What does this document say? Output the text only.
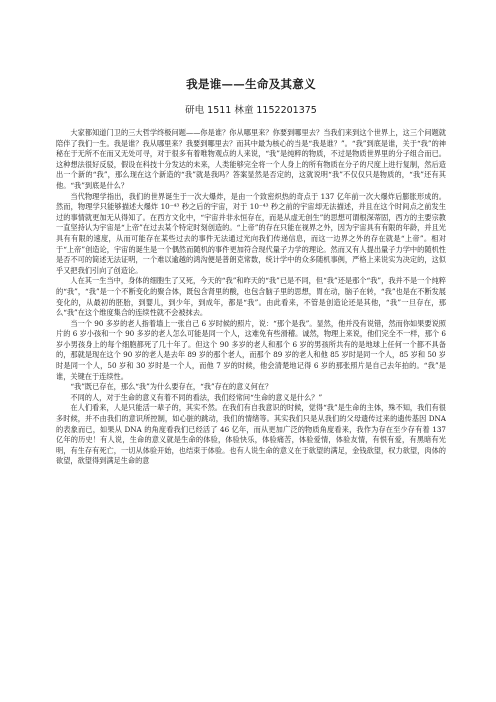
我是谁——生命及其意义
研电 1511 林童 1152201375

大家都知道门卫的三大哲学终极问题——你是谁？你从哪里来？你要到哪里去？当我们来到这个世界上，这三个问题就陪伴了我们一生。我是谁？我从哪里来？我要到哪里去？而其中最为核心的当是“我是谁？”。“我”到底是谁，关于“我”的神秘在于无所不在而又无处可寻，对于很多有着唯物观点的人来说，“我”是纯粹的物质，不过是物质世界里的分子组合而已。这种想法很好反驳，假设在科技十分发达的未来，人类能够完全将一个人身上的所有物质在分子的尺度上进行复制，然后造出一个新的“我”，那么现在这个新造的“我”就是我吗？答案显然是否定的，这就说明“我”不仅仅只是物质的，“我”还有其他。“我”到底是什么？

当代物理学指出，我们的世界诞生于一次大爆炸，是由一个致密炽热的奇点于 137 亿年前一次大爆炸后膨胀形成的。然而，物理学只能够描述大爆炸 10⁻⁴³ 秒之后的宇宙，对于 10⁻⁴³ 秒之前的宇宙却无法描述，并且在这个时间点之前发生过的事情就更加无从得知了。在西方文化中，“宇宙并非永恒存在，而是从虚无创生”的思想可谓根深蒂固，西方的主要宗教一直坚持认为宇宙是“上帝”在过去某个特定时刻创造的。“上帝”的存在只能在视界之外，因为宇宙具有有限的年龄，并且光具有有限的速度，从而可能存在某些过去的事件无法通过光向我们传递信息，而这一边界之外的存在就是“上帝”。相对于“上帝”创造论，宇宙的诞生是一个偶然而随机的事件更加符合现代量子力学的理论。然而又有人提出量子力学中的随机性是否不可的简述无法证明，一个难以逾越的鸿沟便是普朗克常数，统计学中的众多随机事例，严格上来说实为决定的，这似乎又把我们引向了创造论。

人在其一生当中，身体的细胞生了又死，今天的“我”和昨天的“我”已是不同，但“我”还是那个“我”，我并不是一个纯粹的“我”，“我”是一个不断变化的聚合体，既包含肾里的酸，也包含脑子里的思想，胃在动，脑子在转，“我”也是在不断发展变化的，从最初的胚胎，到婴儿，到少年，到成年，都是“我”。由此看来，不管是创造论还是其他，“我”一旦存在，那么“我”在这个维度集合的连续性就不会被抹去。

当一个 90 多岁的老人指着墙上一张自己 6 岁时候的照片，说：“那个是我”。显然，他并没有说错，然而你如果要说照片的 6 岁小孩和一个 90 多岁的老人怎么可能是同一个人，这难免有些滑稽。诚然，物理上来说，他们完全不一样，那个 6 岁小男孩身上的每个细胞都死了几十年了。但这个 90 多岁的老人和那个 6 岁的男孩所共有的是地球上任何一个都不具备的，那就是现在这个 90 岁的老人是去年 89 岁的那个老人，而那个 89 岁的老人和他 85 岁时是同一个人，85 岁和 50 岁时是同一个人，50 岁和 30 岁时是一个人，而他 7 岁的时候，他会清楚地记得 6 岁的那张照片是自己去年拍的。“我”是谁，关键在于连续性。

“我”既已存在，那么“我”为什么要存在，“我”存在的意义何在？

不同的人，对于生命的意义有着不同的看法，我们经常问“生命的意义是什么？”

在人们看来，人是只能活一辈子的，其实不然。在我们有自我意识的时候，觉得“我”是生命的主体，殊不知，我们有很多时候，并不由我们的意识所控制，如心脏的跳动，我们的情绪等。其实我们只是从我们的父母遗传过来的遗传基因 DNA 的表象而已，如果从 DNA 的角度看我们已经活了 46 亿年，而从更加广泛的物质角度看来，我作为存在至少存有着 137 亿年的历史！有人说，生命的意义就是生命的体验，体验快乐，体验痛苦，体验爱情，体验友情，有恨有爱，有黑暗有光明，有生存有死亡，一切从体验开始，也结束于体验。也有人说生命的意义在于欲望的满足，金钱欲望，权力欲望，肉体的欲望，欲望得到满足生命的意
